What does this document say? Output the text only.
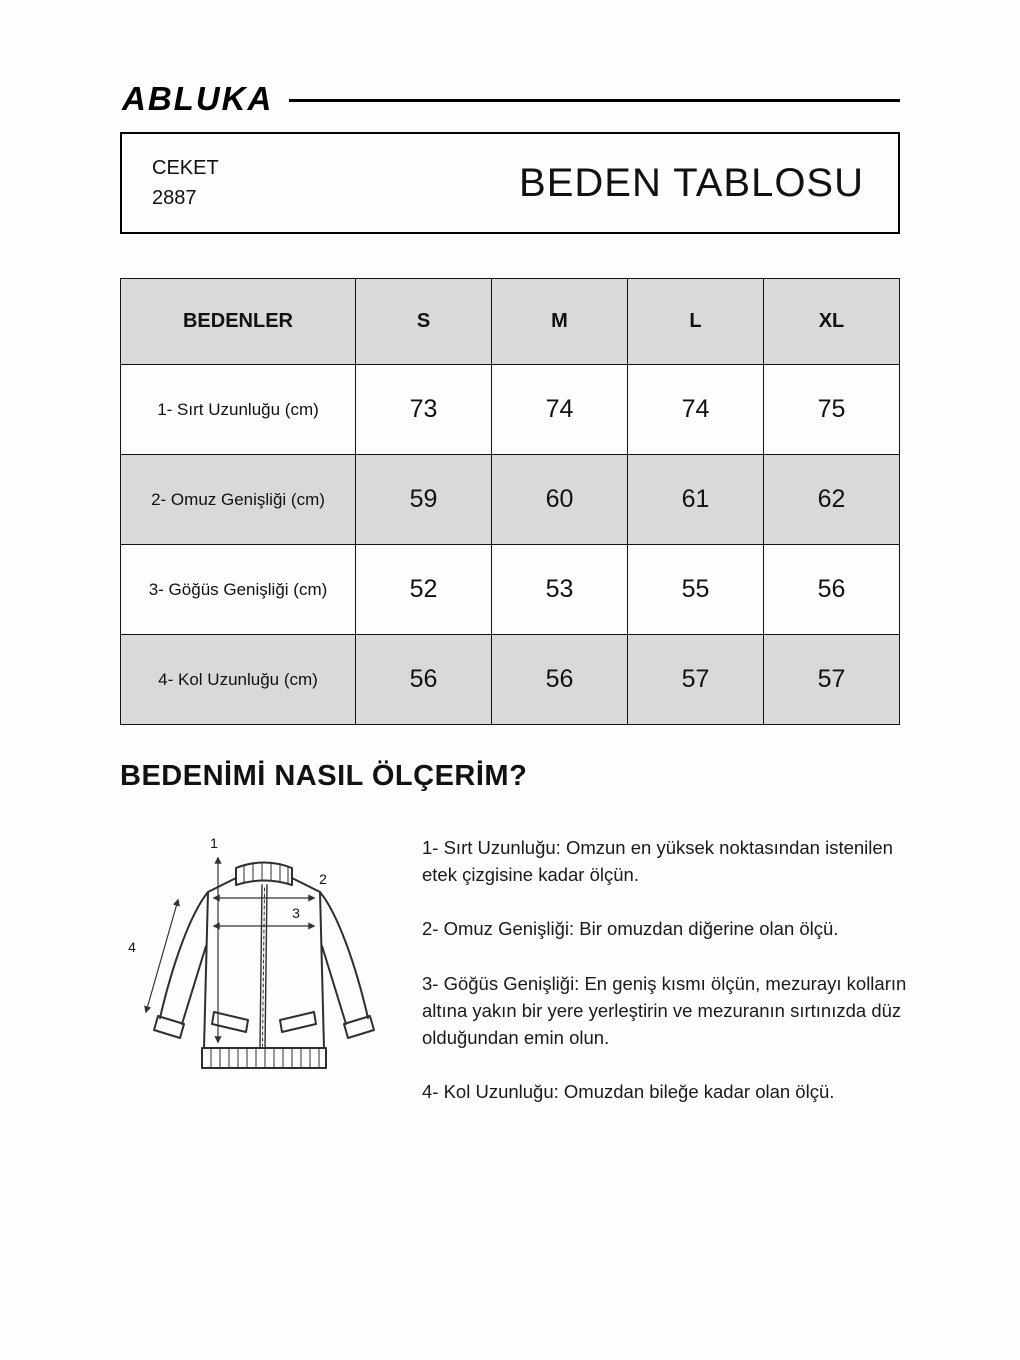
ABLUKA
CEKET
2887	BEDEN TABLOSU
BEDENLER	S	M	L	XL
1- Sırt Uzunluğu (cm)	73	74	74	75
2- Omuz Genişliği (cm)	59	60	61	62
3- Göğüs Genişliği (cm)	52	53	55	56
4- Kol Uzunluğu (cm)	56	56	57	57
BEDENİMİ NASIL ÖLÇERİM?
1
2
3
4

1- Sırt Uzunluğu: Omzun en yüksek noktasından istenilen etek çizgisine kadar ölçün.

2- Omuz Genişliği: Bir omuzdan diğerine olan ölçü.

3- Göğüs Genişliği: En geniş kısmı ölçün, mezurayı kolların altına yakın bir yere yerleştirin ve mezuranın sırtınızda düz olduğundan emin olun.

4- Kol Uzunluğu: Omuzdan bileğe kadar olan ölçü.
